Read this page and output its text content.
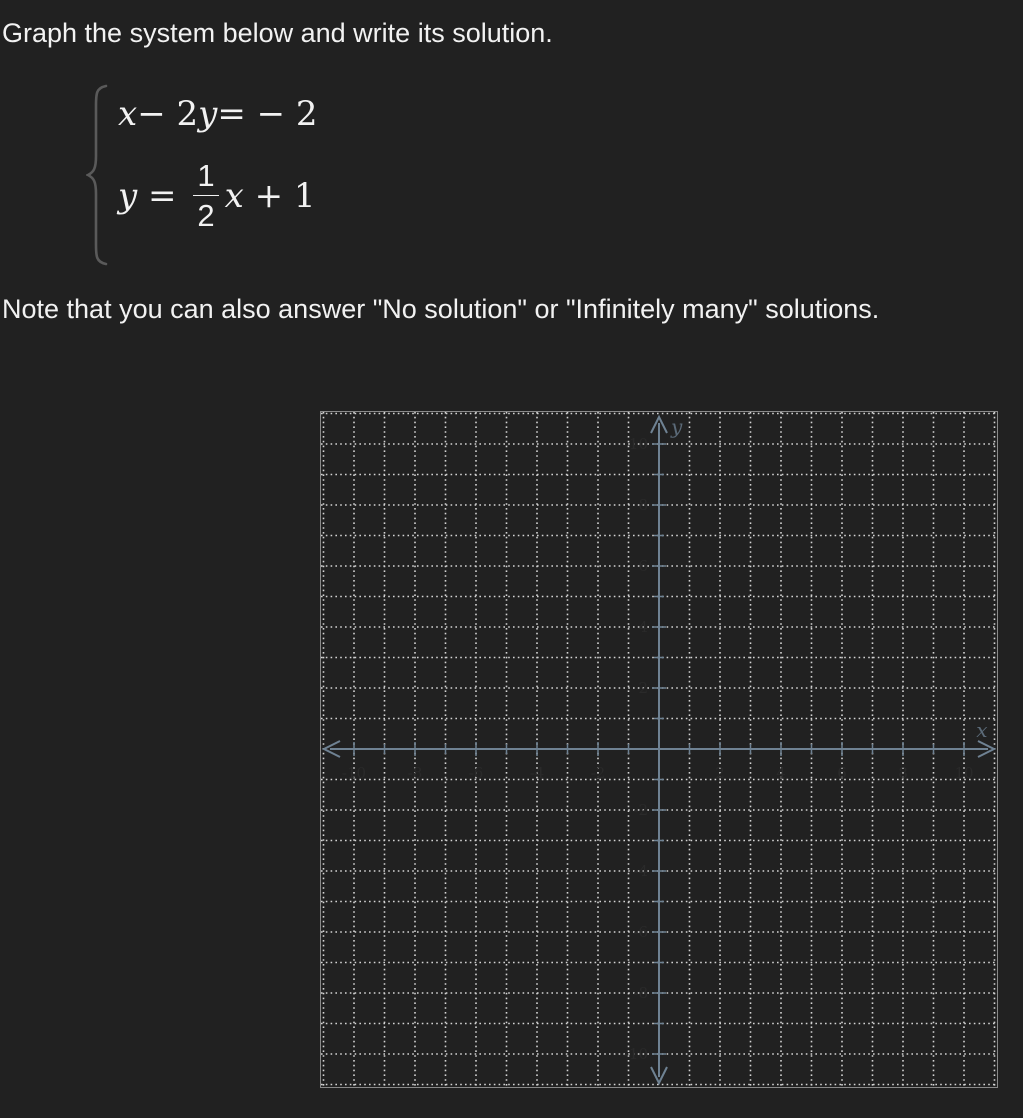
Graph the system below and write its solution.

x − 2 y = − 2
$y = \frac{1}{2}$ x + 1

Note that you can also answer "No solution" or "Infinitely many" solutions.

-10	-8	-6	-4	-2	2	4	6	8	10
10
8
6
4
2
-2
-4
-6
-8
-10
x
y
